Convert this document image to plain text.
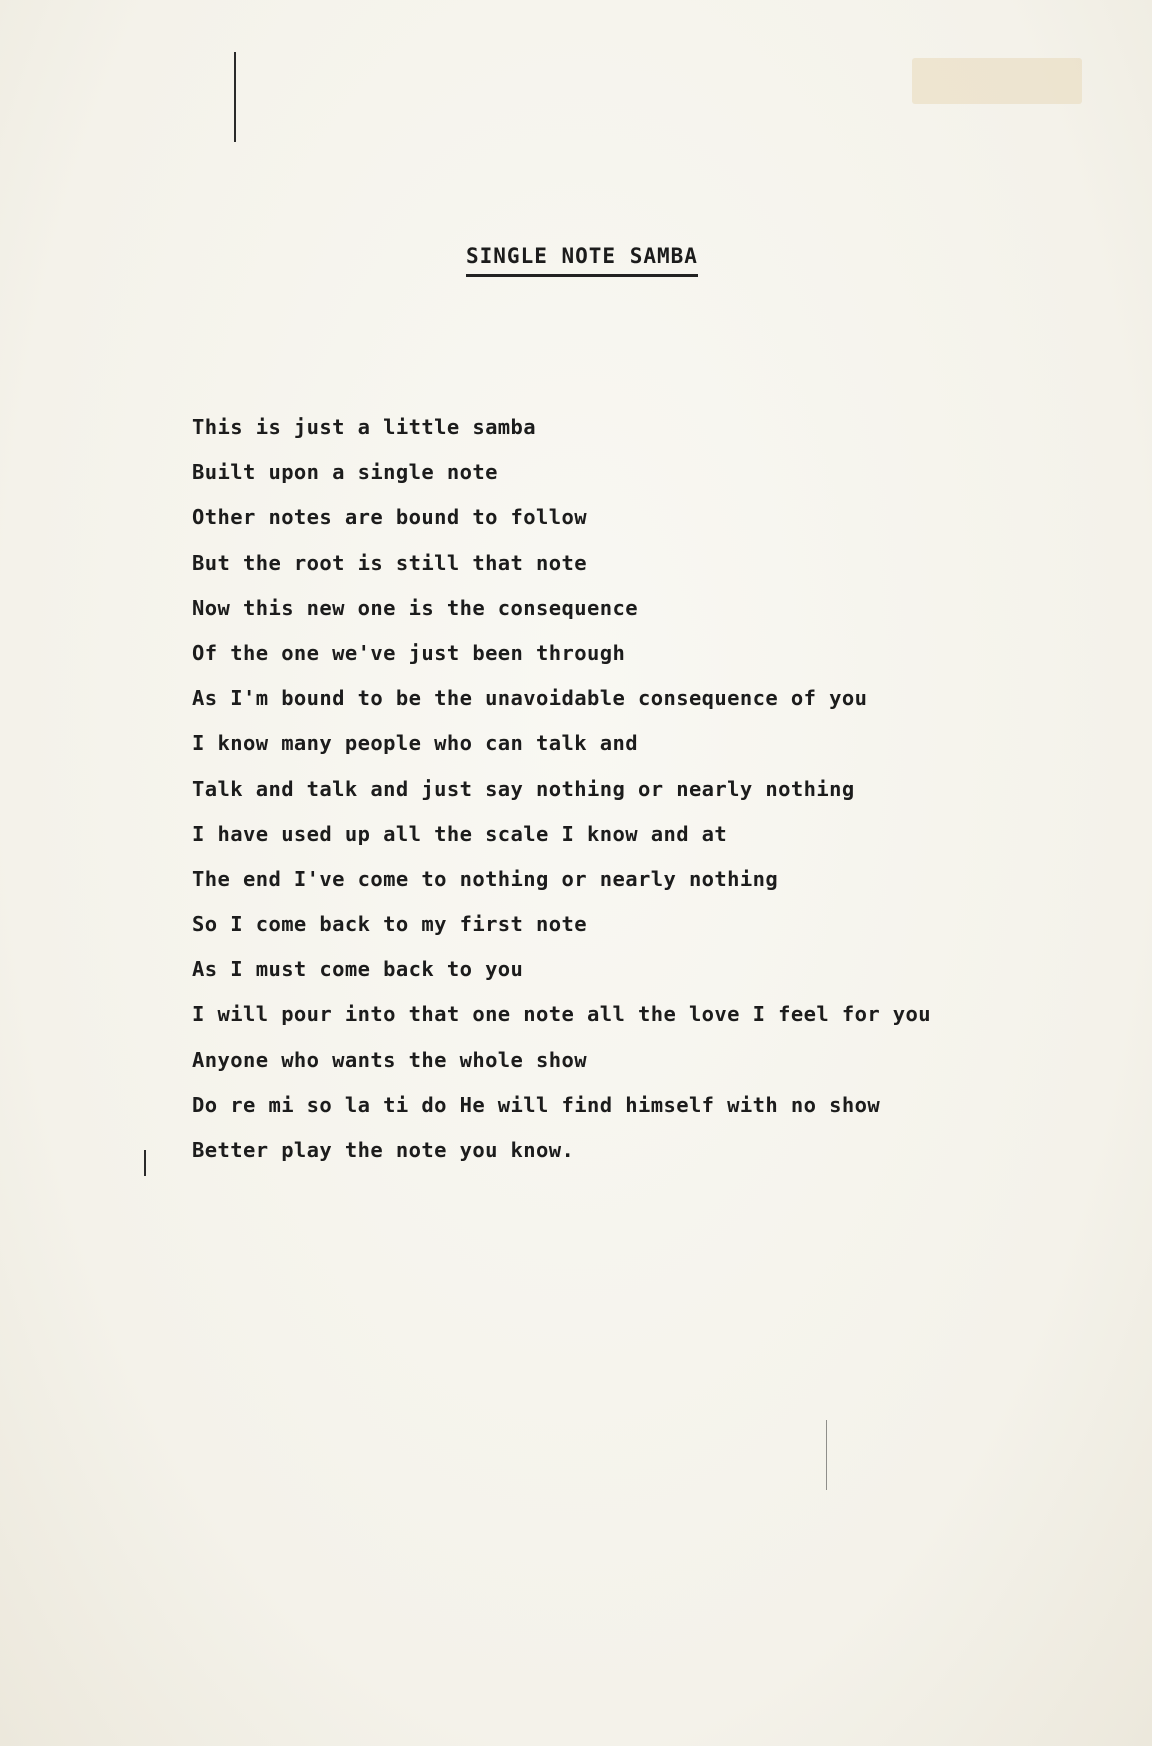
SINGLE NOTE SAMBA
This is just a little samba
Built upon a single note
Other notes are bound to follow
But the root is still that note
Now this new one is the consequence
Of the one we've just been through
As I'm bound to be the unavoidable consequence of you
I know many people who can talk and
Talk and talk and just say nothing or nearly nothing
I have used up all the scale I know and at
The end I've come to nothing or nearly nothing
So I come back to my first note
As I must come back to you
I will pour into that one note all the love I feel for you
Anyone who wants the whole show
Do re mi so la ti do He will find himself with no show
Better play the note you know.
